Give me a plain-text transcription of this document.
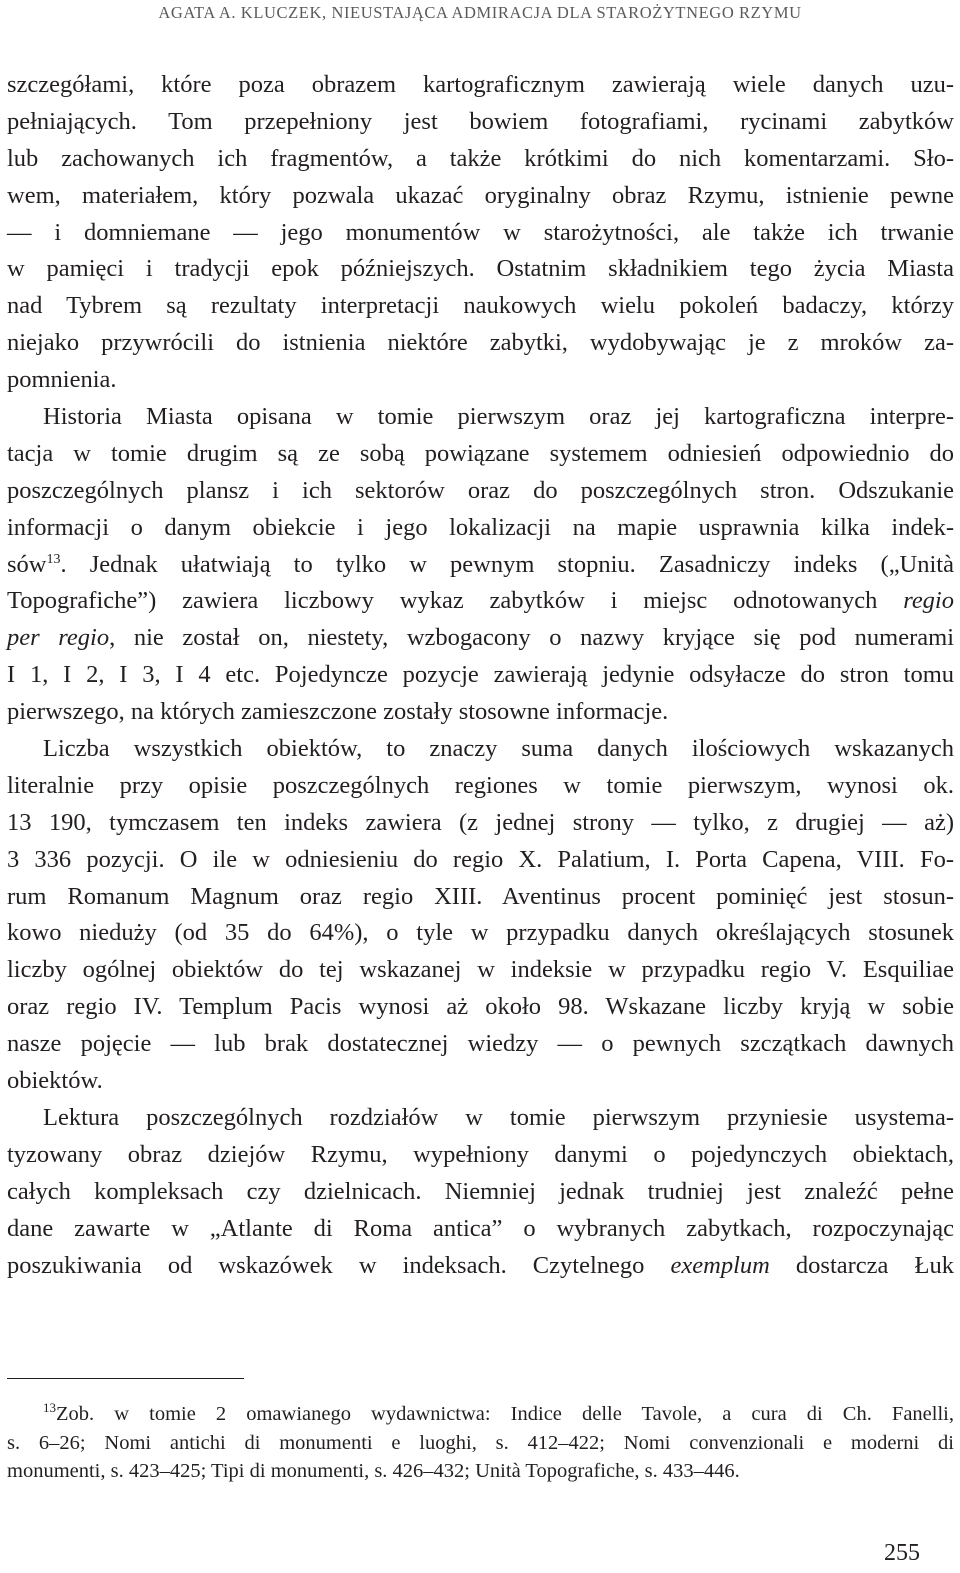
AGATA A. KLUCZEK, NIEUSTAJĄCA ADMIRACJA DLA STAROŻYTNEGO RZYMU
szczegółami, które poza obrazem kartograficznym zawierają wiele danych uzu-
pełniających. Tom przepełniony jest bowiem fotografiami, rycinami zabytków
lub zachowanych ich fragmentów, a także krótkimi do nich komentarzami. Sło-
wem, materiałem, który pozwala ukazać oryginalny obraz Rzymu, istnienie pewne
— i domniemane — jego monumentów w starożytności, ale także ich trwanie
w pamięci i tradycji epok późniejszych. Ostatnim składnikiem tego życia Miasta
nad Tybrem są rezultaty interpretacji naukowych wielu pokoleń badaczy, którzy
niejako przywrócili do istnienia niektóre zabytki, wydobywając je z mroków za-
pomnienia.
Historia Miasta opisana w tomie pierwszym oraz jej kartograficzna interpre-
tacja w tomie drugim są ze sobą powiązane systemem odniesień odpowiednio do
poszczególnych plansz i ich sektorów oraz do poszczególnych stron. Odszukanie
informacji o danym obiekcie i jego lokalizacji na mapie usprawnia kilka indek-
sów$^{13}$. Jednak ułatwiają to tylko w pewnym stopniu. Zasadniczy indeks („Unità
Topografiche”) zawiera liczbowy wykaz zabytków i miejsc odnotowanych regio
per regio, nie został on, niestety, wzbogacony o nazwy kryjące się pod numerami
I 1, I 2, I 3, I 4 etc. Pojedyncze pozycje zawierają jedynie odsyłacze do stron tomu
pierwszego, na których zamieszczone zostały stosowne informacje.
Liczba wszystkich obiektów, to znaczy suma danych ilościowych wskazanych
literalnie przy opisie poszczególnych regiones w tomie pierwszym, wynosi ok.
13 190, tymczasem ten indeks zawiera (z jednej strony — tylko, z drugiej — aż)
3 336 pozycji. O ile w odniesieniu do regio X. Palatium, I. Porta Capena, VIII. Fo-
rum Romanum Magnum oraz regio XIII. Aventinus procent pominięć jest stosun-
kowo nieduży (od 35 do 64%), o tyle w przypadku danych określających stosunek
liczby ogólnej obiektów do tej wskazanej w indeksie w przypadku regio V. Esquiliae
oraz regio IV. Templum Pacis wynosi aż około 98. Wskazane liczby kryją w sobie
nasze pojęcie — lub brak dostatecznej wiedzy — o pewnych szczątkach dawnych
obiektów.
Lektura poszczególnych rozdziałów w tomie pierwszym przyniesie usystema-
tyzowany obraz dziejów Rzymu, wypełniony danymi o pojedynczych obiektach,
całych kompleksach czy dzielnicach. Niemniej jednak trudniej jest znaleźć pełne
dane zawarte w „Atlante di Roma antica” o wybranych zabytkach, rozpoczynając
poszukiwania od wskazówek w indeksach. Czytelnego exemplum dostarcza Łuk
$^{13}$Zob. w tomie 2 omawianego wydawnictwa: Indice delle Tavole, a cura di Ch. Fanelli,
s. 6–26; Nomi antichi di monumenti e luoghi, s. 412–422; Nomi convenzionali e moderni di
monumenti, s. 423–425; Tipi di monumenti, s. 426–432; Unità Topografiche, s. 433–446.
255
